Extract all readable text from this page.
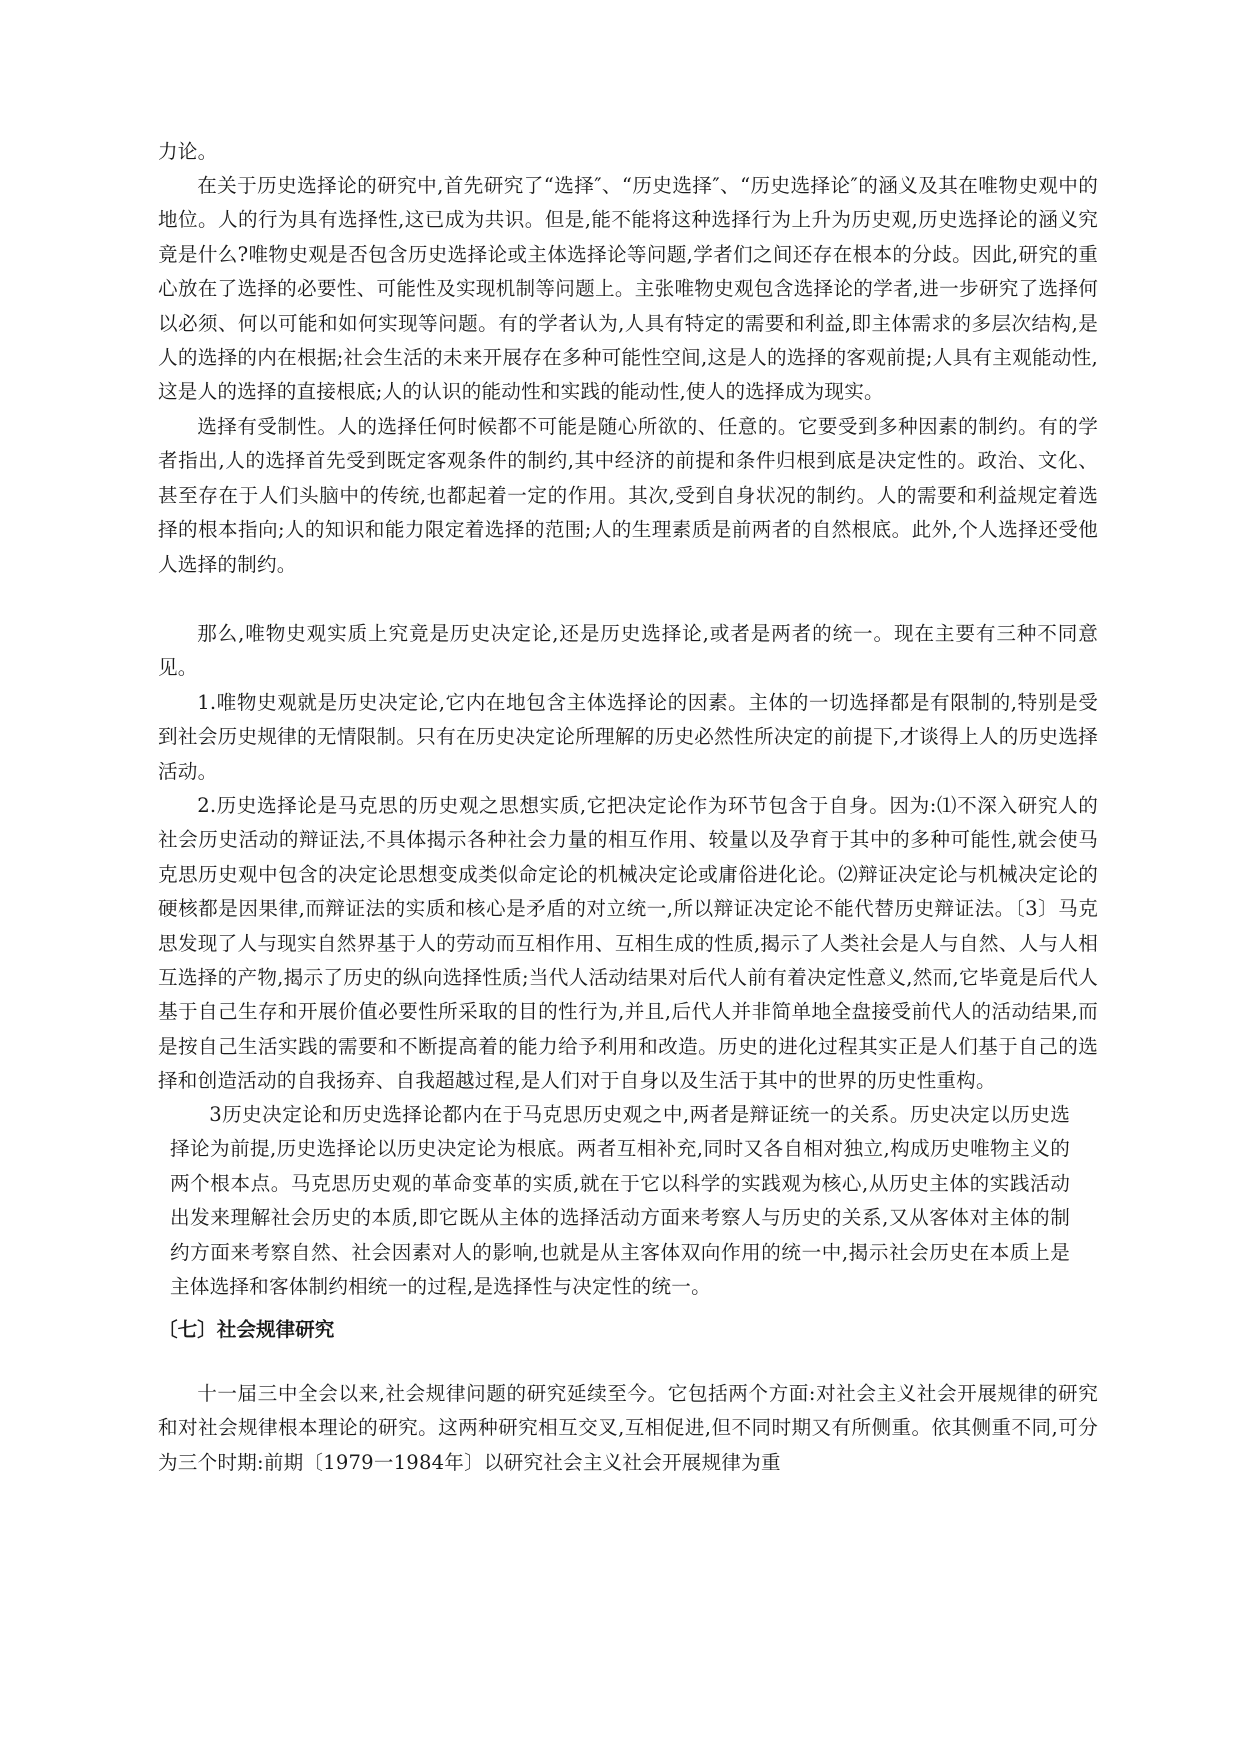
力论。

在关于历史选择论的研究中,首先研究了“选择″、“历史选择″、“历史选择论″的涵义及其在唯物史观中的地位。人的行为具有选择性,这已成为共识。但是,能不能将这种选择行为上升为历史观,历史选择论的涵义究竟是什么?唯物史观是否包含历史选择论或主体选择论等问题,学者们之间还存在根本的分歧。因此,研究的重心放在了选择的必要性、可能性及实现机制等问题上。主张唯物史观包含选择论的学者,进一步研究了选择何以必须、何以可能和如何实现等问题。有的学者认为,人具有特定的需要和利益,即主体需求的多层次结构,是人的选择的内在根据;社会生活的未来开展存在多种可能性空间,这是人的选择的客观前提;人具有主观能动性,这是人的选择的直接根底;人的认识的能动性和实践的能动性,使人的选择成为现实。

选择有受制性。人的选择任何时候都不可能是随心所欲的、任意的。它要受到多种因素的制约。有的学者指出,人的选择首先受到既定客观条件的制约,其中经济的前提和条件归根到底是决定性的。政治、文化、甚至存在于人们头脑中的传统,也都起着一定的作用。其次,受到自身状况的制约。人的需要和利益规定着选择的根本指向;人的知识和能力限定着选择的范围;人的生理素质是前两者的自然根底。此外,个人选择还受他人选择的制约。

那么,唯物史观实质上究竟是历史决定论,还是历史选择论,或者是两者的统一。现在主要有三种不同意见。

1.唯物史观就是历史决定论,它内在地包含主体选择论的因素。主体的一切选择都是有限制的,特别是受到社会历史规律的无情限制。只有在历史决定论所理解的历史必然性所决定的前提下,才谈得上人的历史选择活动。

2.历史选择论是马克思的历史观之思想实质,它把决定论作为环节包含于自身。因为:⑴不深入研究人的社会历史活动的辩证法,不具体揭示各种社会力量的相互作用、较量以及孕育于其中的多种可能性,就会使马克思历史观中包含的决定论思想变成类似命定论的机械决定论或庸俗进化论。⑵辩证决定论与机械决定论的硬核都是因果律,而辩证法的实质和核心是矛盾的对立统一,所以辩证决定论不能代替历史辩证法。〔3〕马克思发现了人与现实自然界基于人的劳动而互相作用、互相生成的性质,揭示了人类社会是人与自然、人与人相互选择的产物,揭示了历史的纵向选择性质;当代人活动结果对后代人前有着决定性意义,然而,它毕竟是后代人基于自己生存和开展价值必要性所采取的目的性行为,并且,后代人并非简单地全盘接受前代人的活动结果,而是按自己生活实践的需要和不断提高着的能力给予利用和改造。历史的进化过程其实正是人们基于自己的选择和创造活动的自我扬弃、自我超越过程,是人们对于自身以及生活于其中的世界的历史性重构。

3历史决定论和历史选择论都内在于马克思历史观之中,两者是辩证统一的关系。历史决定以历史选择论为前提,历史选择论以历史决定论为根底。两者互相补充,同时又各自相对独立,构成历史唯物主义的两个根本点。马克思历史观的革命变革的实质,就在于它以科学的实践观为核心,从历史主体的实践活动出发来理解社会历史的本质,即它既从主体的选择活动方面来考察人与历史的关系,又从客体对主体的制约方面来考察自然、社会因素对人的影响,也就是从主客体双向作用的统一中,揭示社会历史在本质上是主体选择和客体制约相统一的过程,是选择性与决定性的统一。

〔七〕社会规律研究

十一届三中全会以来,社会规律问题的研究延续至今。它包括两个方面:对社会主义社会开展规律的研究和对社会规律根本理论的研究。这两种研究相互交叉,互相促进,但不同时期又有所侧重。依其侧重不同,可分为三个时期:前期〔1979一1984年〕以研究社会主义社会开展规律为重
